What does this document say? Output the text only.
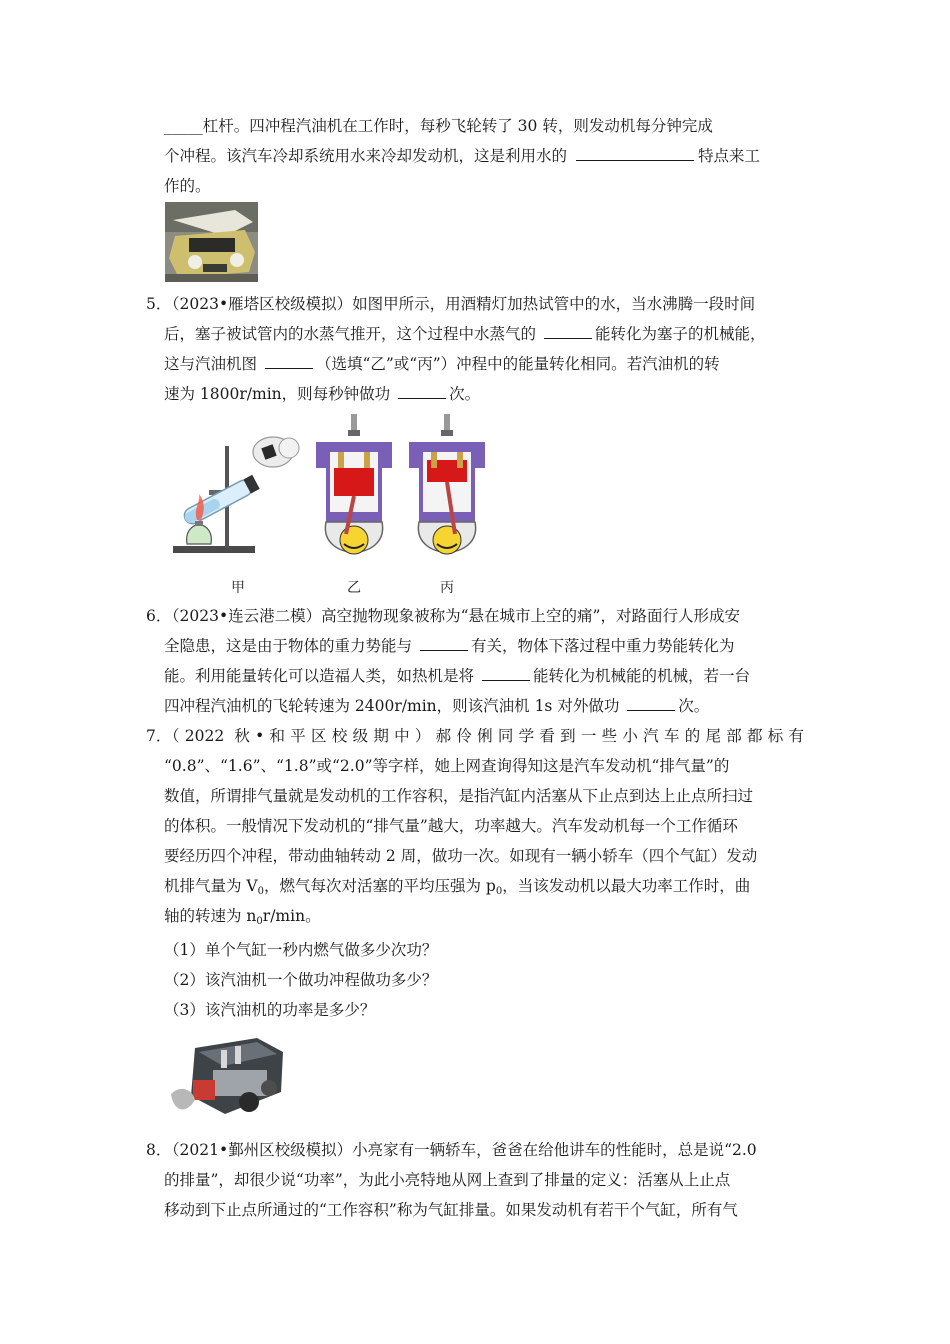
_____杠杆。四冲程汽油机在工作时，每秒飞轮转了 30 转，则发动机每分钟完成
个冲程。该汽车冷却系统用水来冷却发动机，这是利用水的	特点来工
作的。
5．
（2023•雁塔区校级模拟）如图甲所示，用酒精灯加热试管中的水，当水沸腾一段时间
后，塞子被试管内的水蒸气推开，这个过程中水蒸气的	能转化为塞子的机械能，
这与汽油机图	（选填“乙”或“丙”）冲程中的能量转化相同。若汽油机的转
速为 1800r/min，则每秒钟做功	次。
甲	乙	丙
6．
（2023•连云港二模）高空抛物现象被称为“悬在城市上空的痛”，对路面行人形成安
全隐患，这是由于物体的重力势能与	有关，物体下落过程中重力势能转化为
能。利用能量转化可以造福人类，如热机是将	能转化为机械能的机械，若一台
四冲程汽油机的飞轮转速为 2400r/min，则该汽油机 1s 对外做功	次。
7．
（2022 秋•和平区校级期中）郝伶俐同学看到一些小汽车的尾部都标有
“0.8”、“1.6”、“1.8”或“2.0”等字样，她上网查询得知这是汽车发动机“排气量”的
数值，所谓排气量就是发动机的工作容积，是指汽缸内活塞从下止点到达上止点所扫过
的体积。一般情况下发动机的“排气量”越大，功率越大。汽车发动机每一个工作循环
要经历四个冲程，带动曲轴转动 2 周，做功一次。如现有一辆小轿车（四个气缸）发动
机排气量为 $V_0$，燃气每次对活塞的平均压强为 $p_0$，当该发动机以最大功率工作时，曲
轴的转速为 $n_0r/\min$。
（1）单个气缸一秒内燃气做多少次功？
（2）该汽油机一个做功冲程做功多少？
（3）该汽油机的功率是多少？
8．
（2021•鄞州区校级模拟）小亮家有一辆轿车，爸爸在给他讲车的性能时，总是说“2.0
的排量”，却很少说“功率”，为此小亮特地从网上查到了排量的定义：活塞从上止点
移动到下止点所通过的“工作容积”称为气缸排量。如果发动机有若干个气缸，所有气
